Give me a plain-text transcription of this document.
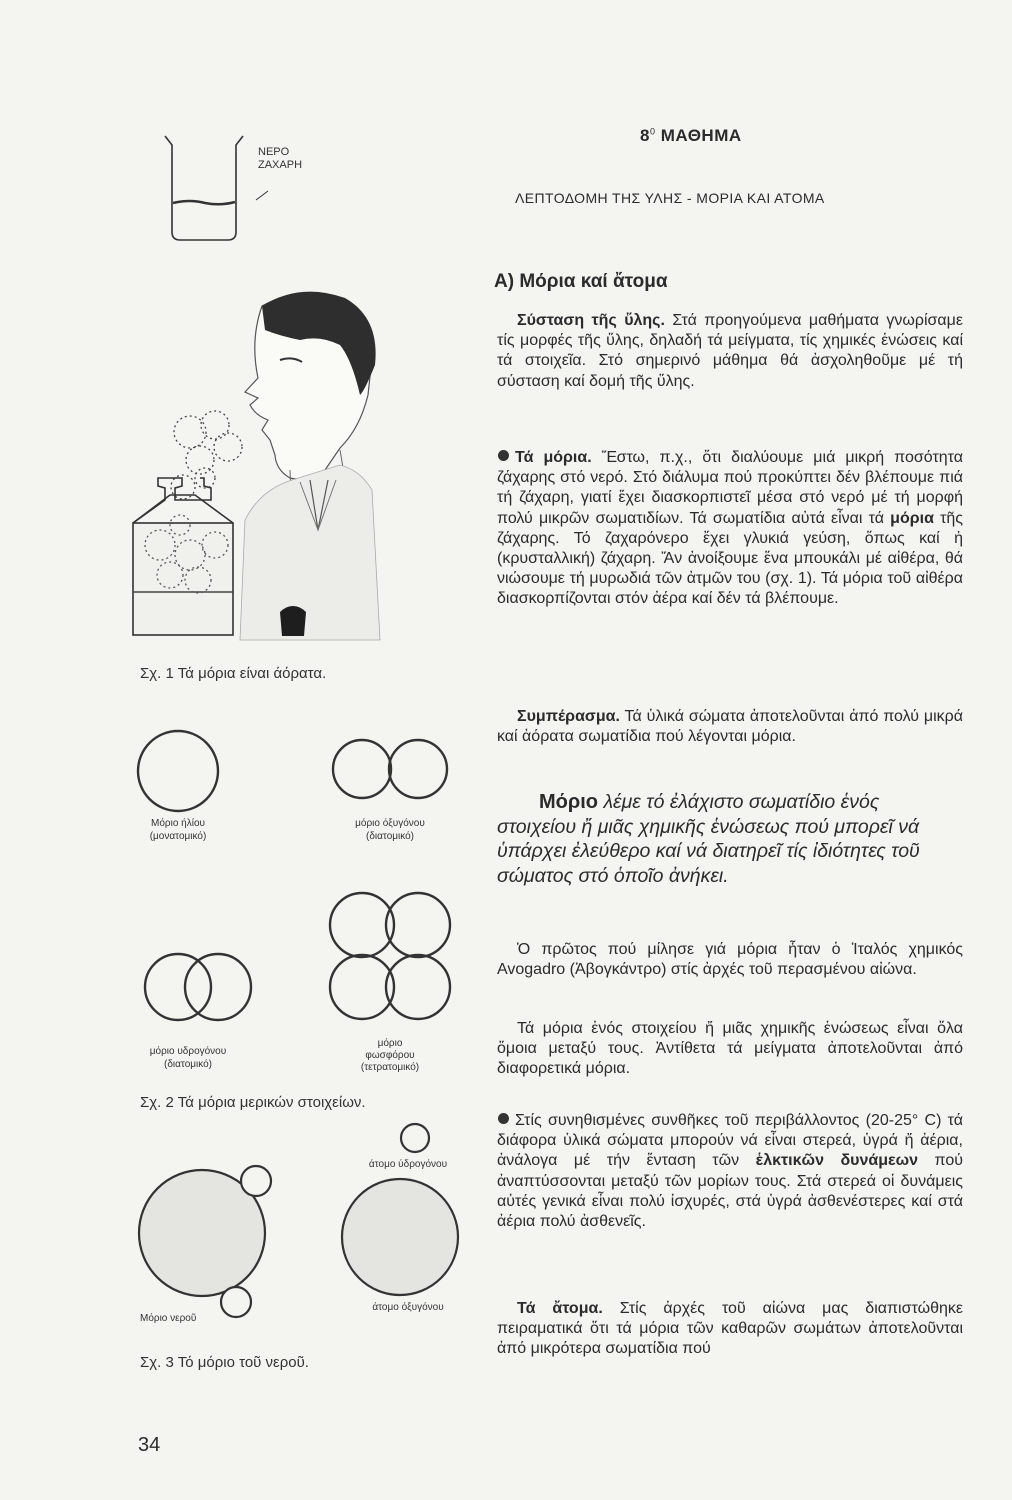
ΝΕΡΟ
ΖΑΧΑΡΗ
Σχ. 1 Τά μόρια είναι άόρατα.
Μόριο ήλίου
(μονατομικό)
μόριο όξυγόνου
(διατομικό)
μόριο υδρογόνου
(διατομικό)
μόριο
φωσφόρου
(τετρατομικό)
Σχ. 2 Τά μόρια μερικών στοιχείων.
άτομο ύδρογόνου
Μόριο νεροῦ
άτομο όξυγόνου
Σχ. 3 Τό μόριο τοῦ νεροῦ.
$8^0$ ΜΑΘΗΜΑ
ΛΕΠΤΟΔΟΜΗ ΤΗΣ ΥΛΗΣ - ΜΟΡΙΑ ΚΑΙ ΑΤΟΜΑ
Α) Μόρια καί ἄτομα

Σύσταση τῆς ὕλης. Στά προηγούμενα μαθήματα γνωρίσαμε τίς μορφές τῆς ὕλης, δηλαδή τά μείγματα, τίς χημικές ἑνώσεις καί τά στοιχεῖα. Στό σημερινό μάθημα θά ἀσχοληθοῦμε μέ τή σύσταση καί δομή τῆς ὕλης.

Τά μόρια. Ἔστω, π.χ., ὅτι διαλύουμε μιά μικρή ποσότητα ζάχαρης στό νερό. Στό διάλυμα πού προκύπτει δέν βλέπουμε πιά τή ζάχαρη, γιατί ἔχει διασκορπιστεῖ μέσα στό νερό μέ τή μορφή πολύ μικρῶν σωματιδίων. Τά σωματίδια αὐτά εἶναι τά μόρια τῆς ζάχαρης. Τό ζαχαρόνερο ἔχει γλυκιά γεύση, ὅπως καί ἡ (κρυσταλλική) ζάχαρη. Ἄν ἀνοίξουμε ἕνα μπουκάλι μέ αἰθέρα, θά νιώσουμε τή μυρωδιά τῶν ἀτμῶν του (σχ. 1). Τά μόρια τοῦ αἰθέρα διασκορπίζονται στόν ἀέρα καί δέν τά βλέπουμε.

Συμπέρασμα. Τά ὑλικά σώματα ἀποτελοῦνται ἀπό πολύ μικρά καί ἀόρατα σωματίδια πού λέγονται μόρια.

Μόριο λέμε τό ἐλάχιστο σωματίδιο ἑνός στοιχείου ἤ μιᾶς χημικῆς ἑνώσεως πού μπορεῖ νά ὑπάρχει ἐλεύθερο καί νά διατηρεῖ τίς ἰδιότητες τοῦ σώματος στό ὁποῖο ἀνήκει.

Ὁ πρῶτος πού μίλησε γιά μόρια ἦταν ὁ Ἰταλός χημικός Avogadro (Ἀβογκάντρο) στίς ἀρχές τοῦ περασμένου αἰώνα.

Τά μόρια ἑνός στοιχείου ἤ μιᾶς χημικῆς ἑνώσεως εἶναι ὅλα ὅμοια μεταξύ τους. Ἀντίθετα τά μείγματα ἀποτελοῦνται ἀπό διαφορετικά μόρια.

Στίς συνηθισμένες συνθῆκες τοῦ περιβάλλοντος (20-25° C) τά διάφορα ὑλικά σώματα μπορούν νά εἶναι στερεά, ὑγρά ἤ ἀέρια, ἀνάλογα μέ τήν ἔνταση τῶν ἑλκτικῶν δυνάμεων πού ἀναπτύσσονται μεταξύ τῶν μορίων τους. Στά στερεά οἱ δυνάμεις αὐτές γενικά εἶναι πολύ ἰσχυρές, στά ὑγρά ἀσθενέστερες καί στά ἀέρια πολύ ἀσθενεῖς.

Τά ἄτομα. Στίς ἀρχές τοῦ αἰώνα μας διαπιστώθηκε πειραματικά ὅτι τά μόρια τῶν καθαρῶν σωμάτων ἀποτελοῦνται ἀπό μικρότερα σωματίδια πού

34
